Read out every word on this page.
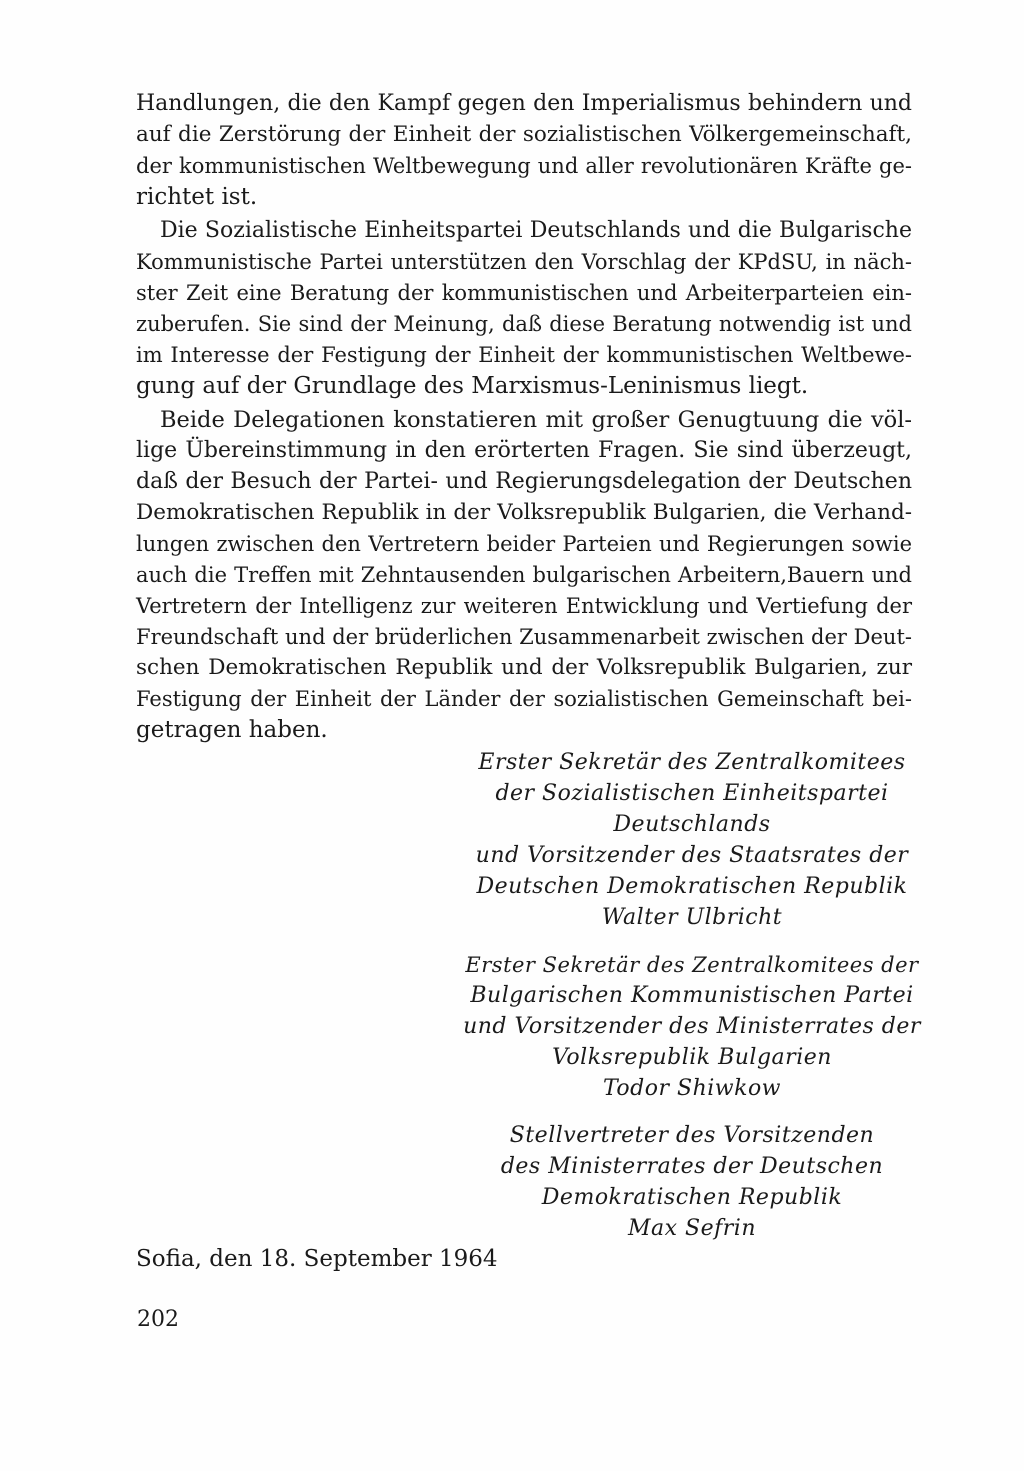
Handlungen, die den Kampf gegen den Imperialismus behindern und

auf die Zerstörung der Einheit der sozialistischen Völkergemeinschaft,

der kommunistischen Weltbewegung und aller revolutionären Kräfte ge-

richtet ist.

Die Sozialistische Einheitspartei Deutschlands und die Bulgarische

Kommunistische Partei unterstützen den Vorschlag der KPdSU, in näch-

ster Zeit eine Beratung der kommunistischen und Arbeiterparteien ein-

zuberufen. Sie sind der Meinung, daß diese Beratung notwendig ist und

im Interesse der Festigung der Einheit der kommunistischen Weltbewe-

gung auf der Grundlage des Marxismus-Leninismus liegt.

Beide Delegationen konstatieren mit großer Genugtuung die völ-

lige Übereinstimmung in den erörterten Fragen. Sie sind überzeugt,

daß der Besuch der Partei- und Regierungsdelegation der Deutschen

Demokratischen Republik in der Volksrepublik Bulgarien, die Verhand-

lungen zwischen den Vertretern beider Parteien und Regierungen sowie

auch die Treffen mit Zehntausenden bulgarischen Arbeitern,Bauern und

Vertretern der Intelligenz zur weiteren Entwicklung und Vertiefung der

Freundschaft und der brüderlichen Zusammenarbeit zwischen der Deut-

schen Demokratischen Republik und der Volksrepublik Bulgarien, zur

Festigung der Einheit der Länder der sozialistischen Gemeinschaft bei-

getragen haben.

Erster Sekretär des Zentralkomitees
der Sozialistischen Einheitspartei
Deutschlands
und Vorsitzender des Staatsrates der
Deutschen Demokratischen Republik
Walter Ulbricht
Erster Sekretär des Zentralkomitees der
Bulgarischen Kommunistischen Partei
und Vorsitzender des Ministerrates der
Volksrepublik Bulgarien
Todor Shiwkow
Stellvertreter des Vorsitzenden
des Ministerrates der Deutschen
Demokratischen Republik
Max Sefrin
Sofia, den 18. September 1964
202
